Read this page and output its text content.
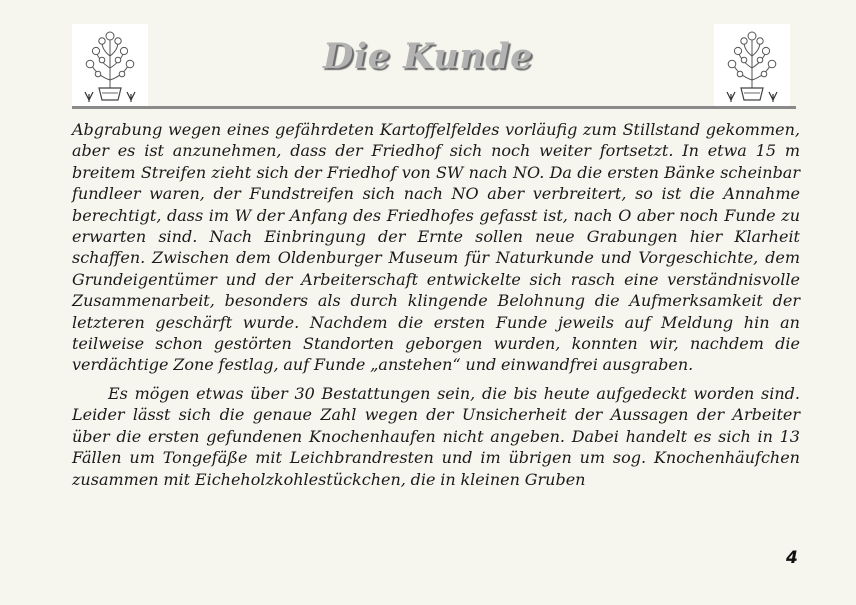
Die Kunde

Abgrabung wegen eines gefährdeten Kartoffelfeldes vorläufig zum Stillstand gekommen, aber es ist anzunehmen, dass der Friedhof sich noch weiter fortsetzt. In etwa 15 m breitem Streifen zieht sich der Friedhof von SW nach NO. Da die ersten Bänke scheinbar fundleer waren, der Fundstreifen sich nach NO aber verbreitert, so ist die Annahme berechtigt, dass im W der Anfang des Friedhofes gefasst ist, nach O aber noch Funde zu erwarten sind. Nach Einbringung der Ernte sollen neue Grabungen hier Klarheit schaffen. Zwischen dem Oldenburger Museum für Naturkunde und Vorgeschichte, dem Grundeigentümer und der Arbeiterschaft entwickelte sich rasch eine verständnisvolle Zusammenarbeit, besonders als durch klingende Belohnung die Aufmerksamkeit der letzteren geschärft wurde. Nachdem die ersten Funde jeweils auf Meldung hin an teilweise schon gestörten Standorten geborgen wurden, konnten wir, nachdem die verdächtige Zone festlag, auf Funde „anstehen“ und einwandfrei ausgraben.

Es mögen etwas über 30 Bestattungen sein, die bis heute aufgedeckt worden sind. Leider lässt sich die genaue Zahl wegen der Unsicherheit der Aussagen der Arbeiter über die ersten gefundenen Knochenhaufen nicht angeben. Dabei handelt es sich in 13 Fällen um Tongefäße mit Leichbrandresten und im übrigen um sog. Knochenhäufchen zusammen mit Eicheholzkohlestückchen, die in kleinen Gruben

4
